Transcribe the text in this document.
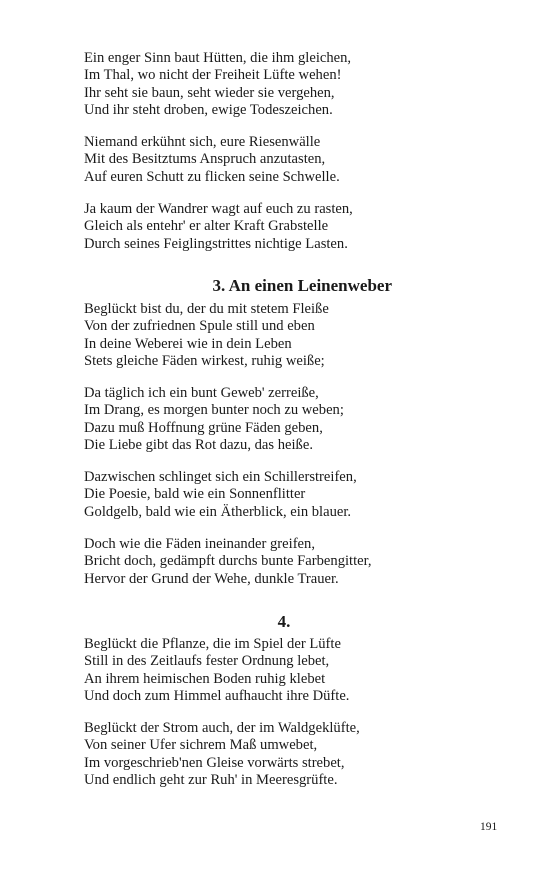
Ein enger Sinn baut Hütten, die ihm gleichen,
Im Thal, wo nicht der Freiheit Lüfte wehen!
Ihr seht sie baun, seht wieder sie vergehen,
Und ihr steht droben, ewige Todeszeichen.
Niemand erkühnt sich, eure Riesenwälle
Mit des Besitztums Anspruch anzutasten,
Auf euren Schutt zu flicken seine Schwelle.
Ja kaum der Wandrer wagt auf euch zu rasten,
Gleich als entehr' er alter Kraft Grabstelle
Durch seines Feiglingstrittes nichtige Lasten.
3. An einen Leinenweber
Beglückt bist du, der du mit stetem Fleiße
Von der zufriednen Spule still und eben
In deine Weberei wie in dein Leben
Stets gleiche Fäden wirkest, ruhig weiße;
Da täglich ich ein bunt Geweb' zerreiße,
Im Drang, es morgen bunter noch zu weben;
Dazu muß Hoffnung grüne Fäden geben,
Die Liebe gibt das Rot dazu, das heiße.
Dazwischen schlinget sich ein Schillerstreifen,
Die Poesie, bald wie ein Sonnenflitter
Goldgelb, bald wie ein Ätherblick, ein blauer.
Doch wie die Fäden ineinander greifen,
Bricht doch, gedämpft durchs bunte Farbengitter,
Hervor der Grund der Wehe, dunkle Trauer.
4.
Beglückt die Pflanze, die im Spiel der Lüfte
Still in des Zeitlaufs fester Ordnung lebet,
An ihrem heimischen Boden ruhig klebet
Und doch zum Himmel aufhaucht ihre Düfte.
Beglückt der Strom auch, der im Waldgeklüfte,
Von seiner Ufer sichrem Maß umwebet,
Im vorgeschrieb'nen Gleise vorwärts strebet,
Und endlich geht zur Ruh' in Meeresgrüfte.
191
